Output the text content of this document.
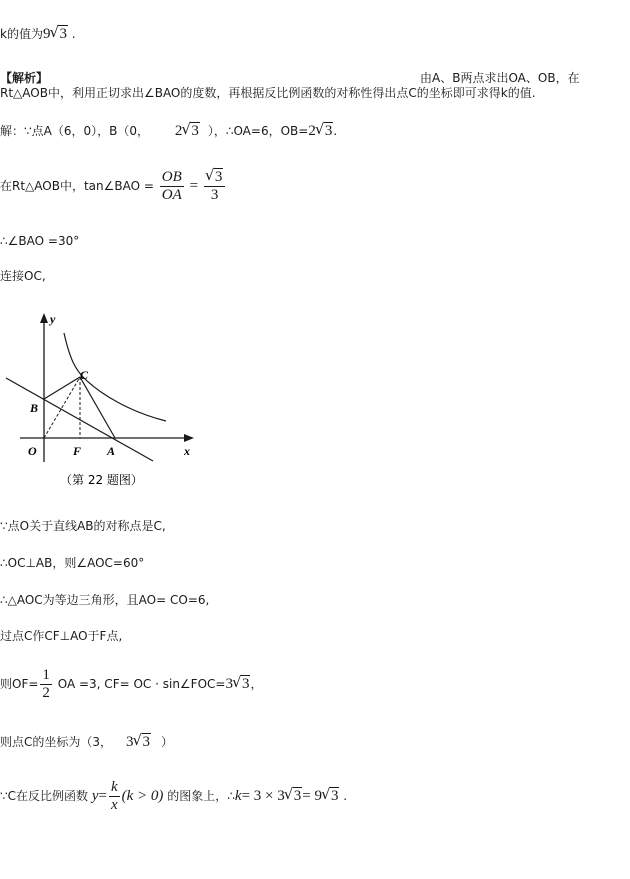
k的值为9 √ 3 .
【解析】	由A、B两点求出OA、OB，在
Rt△AOB中，利用正切求出∠BAO的度数，再根据反比例函数的对称性得出点C的坐标即可求得k的值.
解：∵点A（6，0），B（0， 2 √ 3 ），∴OA=6，OB=2 √ 3.
在Rt△AOB中，tan∠BAO = $\frac{OB}{OA}$ = √ $\frac{3}{3}$
∴∠BAO =30°
连接OC,
y
x
O
B
C
F A
（第 22 题图）
∵点O关于直线AB的对称点是C,
∴OC⊥AB，则∠AOC=60°
∴△AOC为等边三角形，且AO= CO=6,
过点C作CF⊥AO于F点,
则$OF= \frac{1}{2}$ OA =3, CF= OC · sin∠FOC=3 √ 3，
则点C的坐标为（3， 3 √ 3 ）
∵C在反比例函数 $y= \frac{k}{x} (k > 0)$ 的图象上，∴k= 3 × 3 √ 3= 9 √ 3 .
